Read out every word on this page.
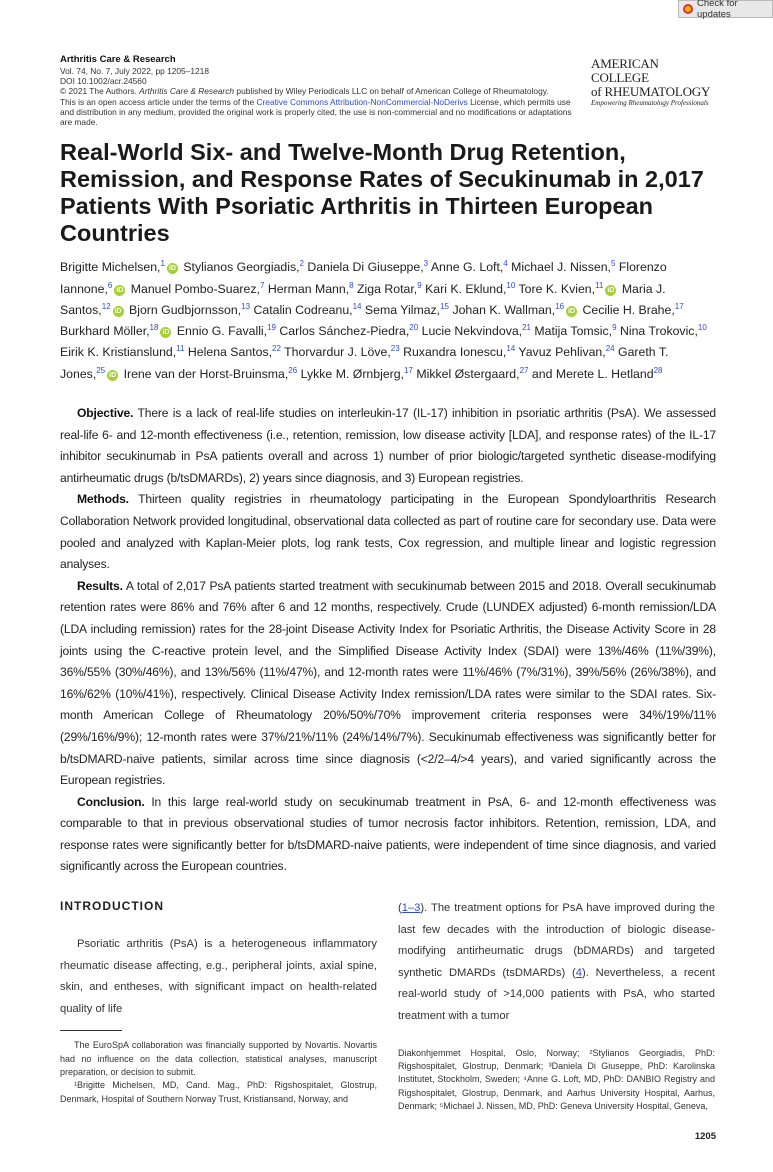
Check for updates
Arthritis Care & Research
Vol. 74, No. 7, July 2022, pp 1205–1218
DOI 10.1002/acr.24560
© 2021 The Authors. Arthritis Care & Research published by Wiley Periodicals LLC on behalf of American College of Rheumatology.
This is an open access article under the terms of the Creative Commons Attribution-NonCommercial-NoDerivs License, which permits use and distribution in any medium, provided the original work is properly cited, the use is non-commercial and no modifications or adaptations are made.
AMERICAN COLLEGE
of RHEUMATOLOGY
Empowering Rheumatology Professionals
Real-World Six- and Twelve-Month Drug Retention, Remission, and Response Rates of Secukinumab in 2,017 Patients With Psoriatic Arthritis in Thirteen European Countries
Brigitte Michelsen,$^1$iD Stylianos Georgiadis,$^2$ Daniela Di Giuseppe,$^3$ Anne G. Loft,$^4$ Michael J. Nissen,$^5$ Florenzo Iannone,$^6$iD Manuel Pombo-Suarez,$^7$ Herman Mann,$^8$ Ziga Rotar,$^9$ Kari K. Eklund,$^{10}$ Tore K. Kvien,$^{11}$iD Maria J. Santos,$^{12}$iD Bjorn Gudbjornsson,$^{13}$ Catalin Codreanu,$^{14}$ Sema Yilmaz,$^{15}$ Johan K. Wallman,$^{16}$iD Cecilie H. Brahe,$^{17}$ Burkhard Möller,$^{18}$iD Ennio G. Favalli,$^{19}$ Carlos Sánchez-Piedra,$^{20}$ Lucie Nekvindova,$^{21}$ Matija Tomsic,$^9$ Nina Trokovic,$^{10}$ Eirik K. Kristianslund,$^{11}$ Helena Santos,$^{22}$ Thorvardur J. Löve,$^{23}$ Ruxandra Ionescu,$^{14}$ Yavuz Pehlivan,$^{24}$ Gareth T. Jones,$^{25}$iD Irene van der Horst-Bruinsma,$^{26}$ Lykke M. Ørnbjerg,$^{17}$ Mikkel Østergaard,$^{27}$ and Merete L. Hetland$^{28}$

Objective. There is a lack of real-life studies on interleukin-17 (IL-17) inhibition in psoriatic arthritis (PsA). We assessed real-life 6- and 12-month effectiveness (i.e., retention, remission, low disease activity [LDA], and response rates) of the IL-17 inhibitor secukinumab in PsA patients overall and across 1) number of prior biologic/targeted synthetic disease-modifying antirheumatic drugs (b/tsDMARDs), 2) years since diagnosis, and 3) European registries.

Methods. Thirteen quality registries in rheumatology participating in the European Spondyloarthritis Research Collaboration Network provided longitudinal, observational data collected as part of routine care for secondary use. Data were pooled and analyzed with Kaplan-Meier plots, log rank tests, Cox regression, and multiple linear and logistic regression analyses.

Results. A total of 2,017 PsA patients started treatment with secukinumab between 2015 and 2018. Overall secukinumab retention rates were 86% and 76% after 6 and 12 months, respectively. Crude (LUNDEX adjusted) 6-month remission/LDA (LDA including remission) rates for the 28-joint Disease Activity Index for Psoriatic Arthritis, the Disease Activity Score in 28 joints using the C-reactive protein level, and the Simplified Disease Activity Index (SDAI) were 13%/46% (11%/39%), 36%/55% (30%/46%), and 13%/56% (11%/47%), and 12-month rates were 11%/46% (7%/31%), 39%/56% (26%/38%), and 16%/62% (10%/41%), respectively. Clinical Disease Activity Index remission/LDA rates were similar to the SDAI rates. Six-month American College of Rheumatology 20%/50%/70% improvement criteria responses were 34%/19%/11% (29%/16%/9%); 12-month rates were 37%/21%/11% (24%/14%/7%). Secukinumab effectiveness was significantly better for b/tsDMARD-naive patients, similar across time since diagnosis (<2/2–4/>4 years), and varied significantly across the European registries.

Conclusion. In this large real-world study on secukinumab treatment in PsA, 6- and 12-month effectiveness was comparable to that in previous observational studies of tumor necrosis factor inhibitors. Retention, remission, LDA, and response rates were significantly better for b/tsDMARD-naive patients, were independent of time since diagnosis, and varied significantly across the European countries.

INTRODUCTION

Psoriatic arthritis (PsA) is a heterogeneous inflammatory rheumatic disease affecting, e.g., peripheral joints, axial spine, skin, and entheses, with significant impact on health-related quality of life

The EuroSpA collaboration was financially supported by Novartis. Novartis had no influence on the data collection, statistical analyses, manuscript preparation, or decision to submit.

¹Brigitte Michelsen, MD, Cand. Mag., PhD: Rigshospitalet, Glostrup, Denmark, Hospital of Southern Norway Trust, Kristiansand, Norway, and

(1–3). The treatment options for PsA have improved during the last few decades with the introduction of biologic disease-modifying antirheumatic drugs (bDMARDs) and targeted synthetic DMARDs (tsDMARDs) (4). Nevertheless, a recent real-world study of >14,000 patients with PsA, who started treatment with a tumor
Diakonhjemmet Hospital, Oslo, Norway; ²Stylianos Georgiadis, PhD: Rigshospitalet, Glostrup, Denmark; ³Daniela Di Giuseppe, PhD: Karolinska Institutet, Stockholm, Sweden; ⁴Anne G. Loft, MD, PhD: DANBIO Registry and Rigshospitalet, Glostrup, Denmark, and Aarhus University Hospital, Aarhus, Denmark; ⁵Michael J. Nissen, MD, PhD: Geneva University Hospital, Geneva,
1205
